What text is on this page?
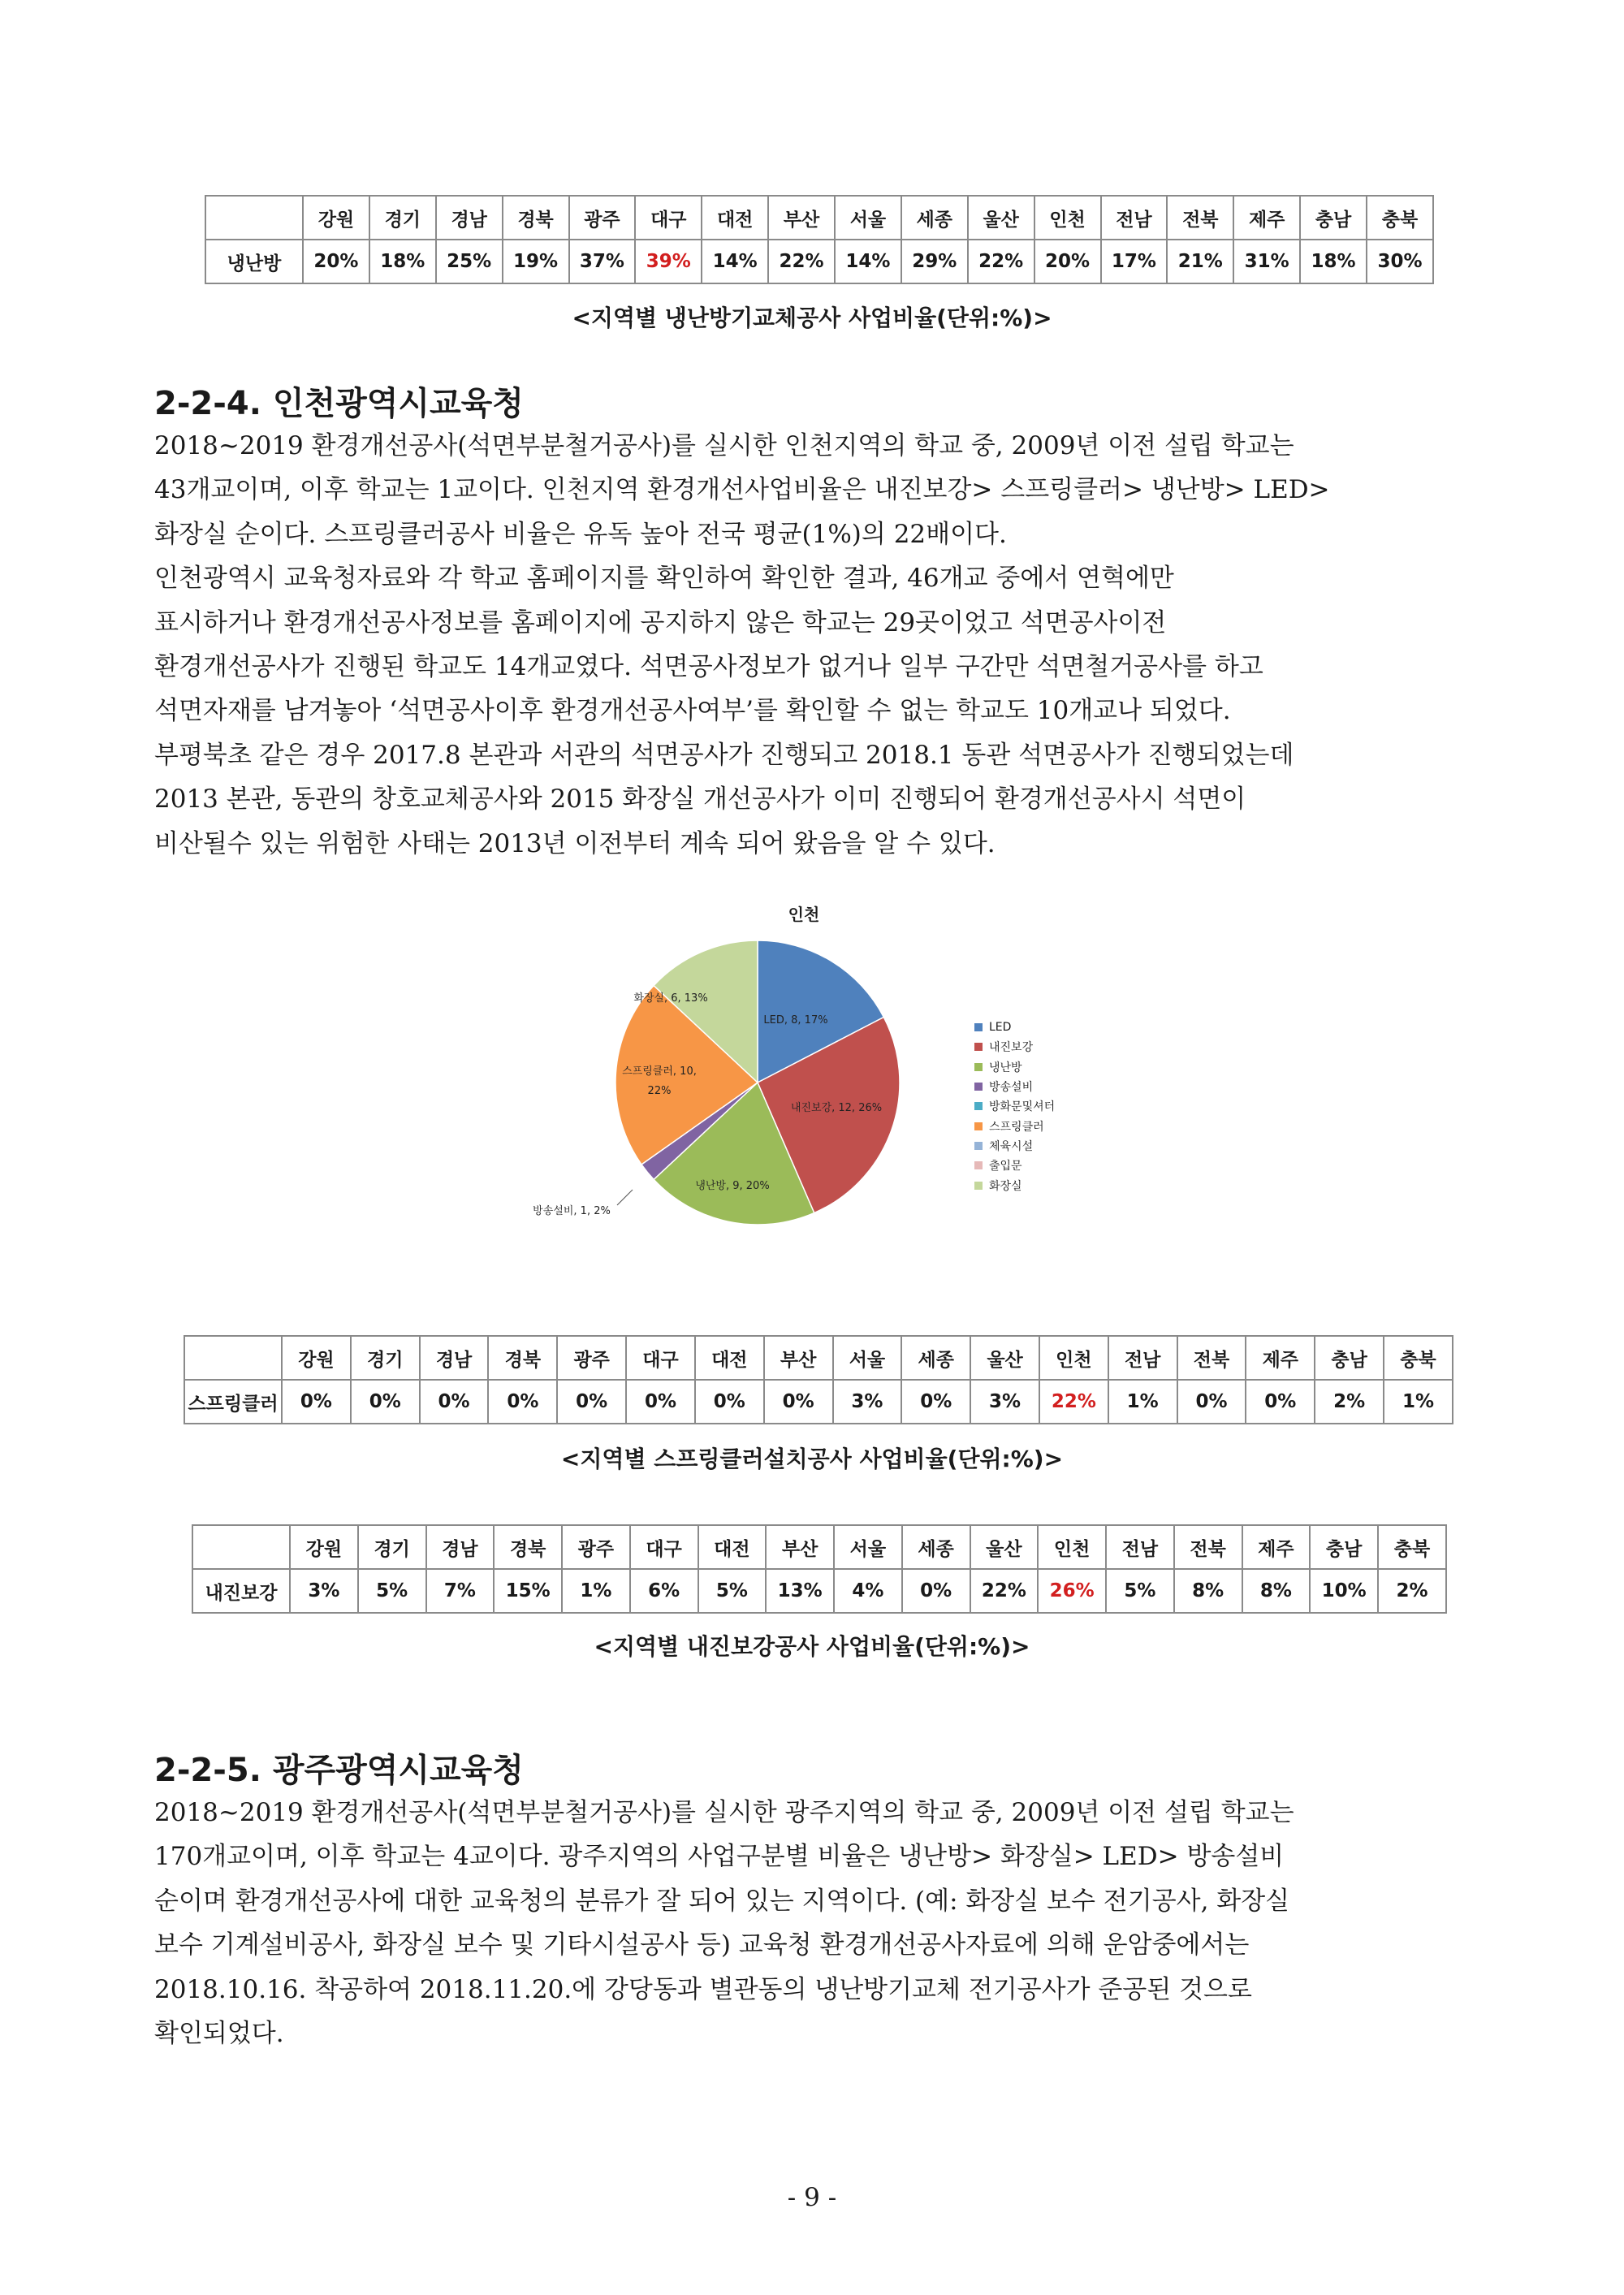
	강원	경기	경남	경북	광주	대구	대전	부산	서울	세종	울산	인천	전남	전북	제주	충남	충북
냉난방	20%	18%	25%	19%	37%	39%	14%	22%	14%	29%	22%	20%	17%	21%	31%	18%	30%
<지역별 냉난방기교체공사 사업비율(단위:%)>
2-2-4. 인천광역시교육청
2018~2019 환경개선공사(석면부분철거공사)를 실시한 인천지역의 학교 중, 2009년 이전 설립 학교는
43개교이며, 이후 학교는 1교이다. 인천지역 환경개선사업비율은 내진보강> 스프링클러> 냉난방> LED>
화장실 순이다. 스프링클러공사 비율은 유독 높아 전국 평균(1%)의 22배이다.
인천광역시 교육청자료와 각 학교 홈페이지를 확인하여 확인한 결과, 46개교 중에서 연혁에만
표시하거나 환경개선공사정보를 홈페이지에 공지하지 않은 학교는 29곳이었고 석면공사이전
환경개선공사가 진행된 학교도 14개교였다. 석면공사정보가 없거나 일부 구간만 석면철거공사를 하고
석면자재를 남겨놓아 ‘석면공사이후 환경개선공사여부’를 확인할 수 없는 학교도 10개교나 되었다.
부평북초 같은 경우 2017.8 본관과 서관의 석면공사가 진행되고 2018.1 동관 석면공사가 진행되었는데
2013 본관, 동관의 창호교체공사와 2015 화장실 개선공사가 이미 진행되어 환경개선공사시 석면이
비산될수 있는 위험한 사태는 2013년 이전부터 계속 되어 왔음을 알 수 있다.
인천
LED, 8, 17%
내진보강, 12, 26%
냉난방, 9, 20%
방송설비, 1, 2%
스프링클러, 10,
22%
화장실, 6, 13%
LED
내진보강
냉난방
방송설비
방화문및셔터
스프링클러
체육시설
출입문
화장실
	강원	경기	경남	경북	광주	대구	대전	부산	서울	세종	울산	인천	전남	전북	제주	충남	충북
스프링클러	0%	0%	0%	0%	0%	0%	0%	0%	3%	0%	3%	22%	1%	0%	0%	2%	1%
<지역별 스프링클러설치공사 사업비율(단위:%)>
	강원	경기	경남	경북	광주	대구	대전	부산	서울	세종	울산	인천	전남	전북	제주	충남	충북
내진보강	3%	5%	7%	15%	1%	6%	5%	13%	4%	0%	22%	26%	5%	8%	8%	10%	2%
<지역별 내진보강공사 사업비율(단위:%)>
2-2-5. 광주광역시교육청
2018~2019 환경개선공사(석면부분철거공사)를 실시한 광주지역의 학교 중, 2009년 이전 설립 학교는
170개교이며, 이후 학교는 4교이다. 광주지역의 사업구분별 비율은 냉난방> 화장실> LED> 방송설비
순이며 환경개선공사에 대한 교육청의 분류가 잘 되어 있는 지역이다. (예: 화장실 보수 전기공사, 화장실
보수 기계설비공사, 화장실 보수 및 기타시설공사 등) 교육청 환경개선공사자료에 의해 운암중에서는
2018.10.16. 착공하여 2018.11.20.에 강당동과 별관동의 냉난방기교체 전기공사가 준공된 것으로
확인되었다.
- 9 -
